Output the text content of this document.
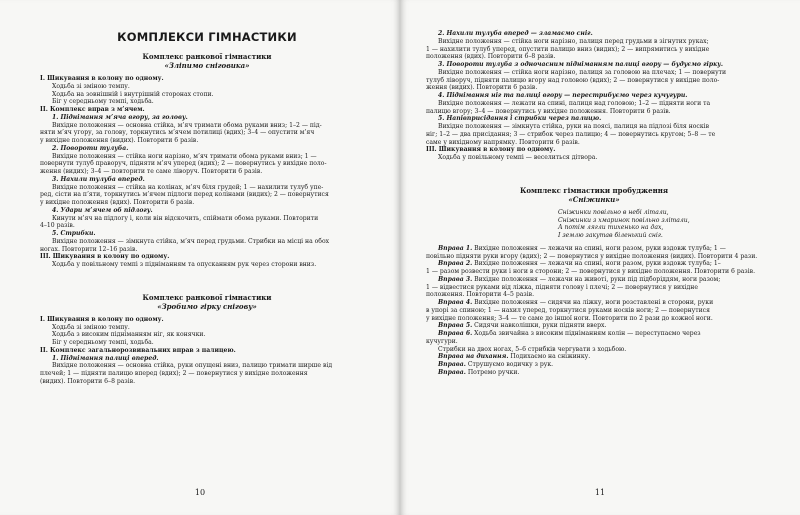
КОМПЛЕКСИ ГІМНАСТИКИ
Комплекс ранкової гімнастики
«Зліпимо сніговика»

І. Шикування в колону по одному.

Ходьба зі зміною темпу.

Ходьба на зовнішній і внутрішній сторонах стопи.

Біг у середньому темпі, ходьба.

ІІ. Комплекс вправ з м’ячем.

1. Піднімання м’яча вгору, за голову.

Вихідне положення — основна стійка, м’яч тримати обома руками вниз; 1–2 — під-

няти м’яч угору, за голову, торкнутись м’ячем потилиці (вдих); 3–4 — опустити м’яч

у вихідне положення (видих). Повторити 6 разів.

2. Повороти тулуба.

Вихідне положення — стійка ноги нарізно, м’яч тримати обома руками вниз; 1 —

повернути тулуб праворуч, підняти м’яч уперед (вдих); 2 — повернутись у вихідне поло-

ження (видих); 3–4 — повторити те саме ліворуч. Повторити 6 разів.

3. Нахили тулуба вперед.

Вихідне положення — стійка на колінах, м’яч біля грудей; 1 — нахилити тулуб упе-

ред, сісти на п’яти, торкнутись м’ячем підлоги перед колінами (видих); 2 — повернутися

у вихідне положення (вдих). Повторити 6 разів.

4. Удари м’ячем об підлогу.

Кинути м’яч на підлогу і, коли він відскочить, спіймати обома руками. Повторити

4–10 разів.

5. Стрибки.

Вихідне положення — зімкнута стійка, м’яч перед грудьми. Стрибки на місці на обох

ногах. Повторити 12–16 разів.

ІІІ. Шикування в колону по одному.

Ходьба у повільному темпі з підніманням та опусканням рук через сторони вниз.

Комплекс ранкової гімнастики
«Зробимо гірку снігову»

І. Шикування в колону по одному.

Ходьба зі зміною темпу.

Ходьба з високим підніманням ніг, як конячки.

Біг у середньому темпі, ходьба.

ІІ. Комплекс загальнорозвивальних вправ з палицею.

1. Піднімання палиці вперед.

Вихідне положення — основна стійка, руки опущені вниз, палицю тримати ширше від

плечей; 1 — підняти палицю вперед (вдих); 2 — повернутися у вихідне положення

(видих). Повторити 6–8 разів.

10

2. Нахили тулуба вперед — зламаємо сніг.

Вихідне положення — стійка ноги нарізно, палиця перед грудьми в зігнутих руках;

1 — нахилити тулуб уперед, опустити палицю вниз (видих); 2 — випрямитись у вихідне

положення (вдих). Повторити 6–8 разів.

3. Повороти тулуба з одночасним підніманням палиці вгору — будуємо гірку.

Вихідне положення — стійка ноги нарізно, палиця за головою на плечах; 1 — повернути

тулуб ліворуч, підняти палицю вгору над головою (вдих); 2 — повернутися у вихідне поло-

ження (видих). Повторити 6 разів.

4. Піднімання ніг та палиці вгору — перестрибуємо через кучугури.

Вихідне положення — лежати на спині, палиця над головою; 1–2 — підняти ноги та

палицю вгору; 3–4 — повернутись у вихідне положення. Повторити 6 разів.

5. Напівприсідання і стрибки через палицю.

Вихідне положення — зімкнута стійка, руки на поясі, палиця на підлозі біля носків

ніг; 1–2 — два присідання; 3 — стрибок через палицю; 4 — повернутись кругом; 5–8 — те

саме у вихідному напрямку. Повторити 6 разів.

ІІІ. Шикування в колону по одному.

Ходьба у повільному темпі — веселиться дітвора.

Комплекс гімнастики пробудження
«Сніжинки»

Сніжинки повільно в небі літали,

Сніжинки з хмаринок повільно злітали,

А потім лягли тихенько на дах,

І землю закутав біленький сніг.

Вправа 1. Вихідне положення — лежачи на спині, ноги разом, руки вздовж тулуба; 1 —

повільно підняти руки вгору (вдих); 2 — повернутися у вихідне положення (видих). Повторити 4 рази.

Вправа 2. Вихідне положення — лежачи на спині, ноги разом, руки вздовж тулуба; 1–

1 — разом розвести руки і ноги в сторони; 2 — повернутися у вихідне положення. Повторити 6 разів.

Вправа 3. Вихідне положення — лежачи на животі, руки під підборіддям, ноги разом;

1 — відвестися руками від ліжка, підняти голову і плечі; 2 — повернутися у вихідне

положення. Повторити 4–5 разів.

Вправа 4. Вихідне положення — сидячи на ліжку, ноги розставлені в сторони, руки

в упорі за спиною; 1 — нахил уперед, торкнутися руками носків ноги; 2 — повернутися

у вихідне положення; 3–4 — те саме до іншої ноги. Повторити по 2 рази до кожної ноги.

Вправа 5. Сидячи навколішки, руки підняти вверх.

Вправа 6. Ходьба звичайна з високим підніманням колін — переступаємо через

кучугури.

Стрибки на двох ногах, 5–6 стрибків чергувати з ходьбою.

Вправа на дихання. Подихаємо на сніжинку.

Вправа. Струшуємо водичку з рук.

Вправа. Потремо ручки.

11
